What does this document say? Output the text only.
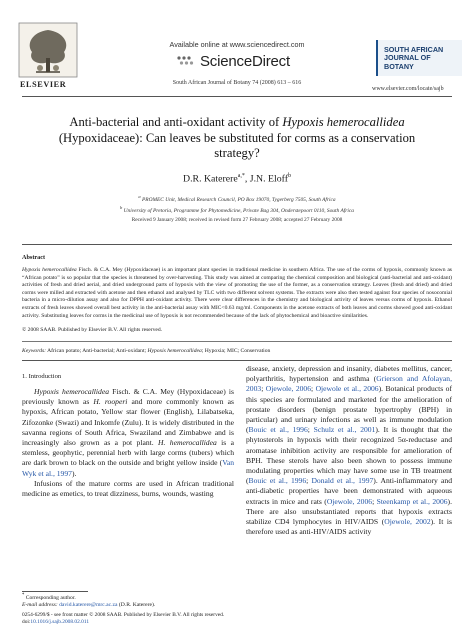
ELSEVIER
Available online at www.sciencedirect.com
ScienceDirect
South African Journal of Botany 74 (2008) 613 – 616
SOUTH AFRICAN
JOURNAL OF BOTANY
www.elsevier.com/locate/sajb
Anti-bacterial and anti-oxidant activity of Hypoxis hemerocallidea
(Hypoxidaceae): Can leaves be substituted for corms as a conservation strategy?
D.R. Katerere$^{a,*}$, J.N. Eloff$^b$
$^a$ PROMEC Unit, Medical Research Council, PO Box 19070, Tygerberg 7505, South Africa
$^b$ University of Pretoria, Programme for Phytomedicine, Private Bag 304, Onderstepoort 0110, South Africa
Received 9 January 2008; received in revised form 27 February 2008; accepted 27 February 2008
Abstract
Hypoxis hemerocallidea Fisch. & C.A. Mey (Hypoxidaceae) is an important plant species in traditional medicine in southern Africa. The use of the corms of hypoxis, commonly known as “African potato” is so popular that the species is threatened by over-harvesting. This study was aimed at comparing the chemical composition and biological (anti-bacterial and anti-oxidant) activities of fresh and dried aerial, and dried underground parts of hypoxis with the view of promoting the use of the former, as a conservation strategy. Leaves (fresh and dried) and dried corms were milled and extracted with acetone and then ethanol and analysed by TLC with two different solvent systems. The extracts were also then tested against four species of nosocomial bacteria in a micro-dilution assay and also for DPPH anti-oxidant activity. There were clear differences in the chemistry and biological activity of leaves versus corms of hypoxis. Ethanol extracts of fresh leaves showed overall best activity in the anti-bacterial assay with MIC<0.63 mg/ml. Components in the acetone extracts of both leaves and corms showed good anti-oxidant activity. Substituting leaves for corms in the medicinal use of hypoxis is not recommended because of the lack of phytochemical and bioactive similarities.
© 2008 SAAB. Published by Elsevier B.V. All rights reserved.
Keywords: African potato; Anti-bacterial; Anti-oxidant; Hypoxis hemerocallidea; Hypoxia; MIC; Conservation
1. Introduction

Hypoxis hemerocallidea Fisch. & C.A. Mey (Hypoxidaceae) is previously known as H. rooperi and more commonly known as hypoxis, African potato, Yellow star flower (English), Lilabatseka, Zifozonke (Swazi) and Inkomfe (Zulu). It is widely distributed in the savanna regions of South Africa, Swaziland and Zimbabwe and is increasingly also grown as a pot plant. H. hemerocallidea is a stemless, geophytic, perennial herb with large corms (tubers) which are dark brown to black on the outside and bright yellow inside (Van Wyk et al., 1997).

Infusions of the mature corms are used in African traditional medicine as emetics, to treat dizziness, burns, wounds, wasting

disease, anxiety, depression and insanity, diabetes mellitus, cancer, polyarthritis, hypertension and asthma (Grierson and Afolayan, 2003; Ojewole, 2006; Ojewole et al., 2006). Botanical products of this species are formulated and marketed for the amelioration of prostate disorders (benign prostate hypertrophy (BPH) in particular) and urinary infections as well as immune modulation (Bouic et al., 1996; Schulz et al., 2001). It is thought that the phytosterols in hypoxis with their recognized 5α-reductase and aromatase inhibition activity are responsible for amelioration of BPH. These sterols have also been shown to possess immune modulating properties which may have some use in TB treatment (Bouic et al., 1996; Donald et al., 1997). Anti-inflammatory and anti-diabetic properties have been demonstrated with aqueous extracts in mice and rats (Ojewole, 2006; Steenkamp et al., 2006). There are also unsubstantiated reports that hypoxis extracts stabilize CD4 lymphocytes in HIV/AIDS (Ojewole, 2002). It is therefore used as anti-HIV/AIDS activity

* Corresponding author.
E-mail address: david.katerere@mrc.ac.za (D.R. Katerere).
0254-6299/$ - see front matter © 2008 SAAB. Published by Elsevier B.V. All rights reserved.
doi:10.1016/j.sajb.2008.02.011
